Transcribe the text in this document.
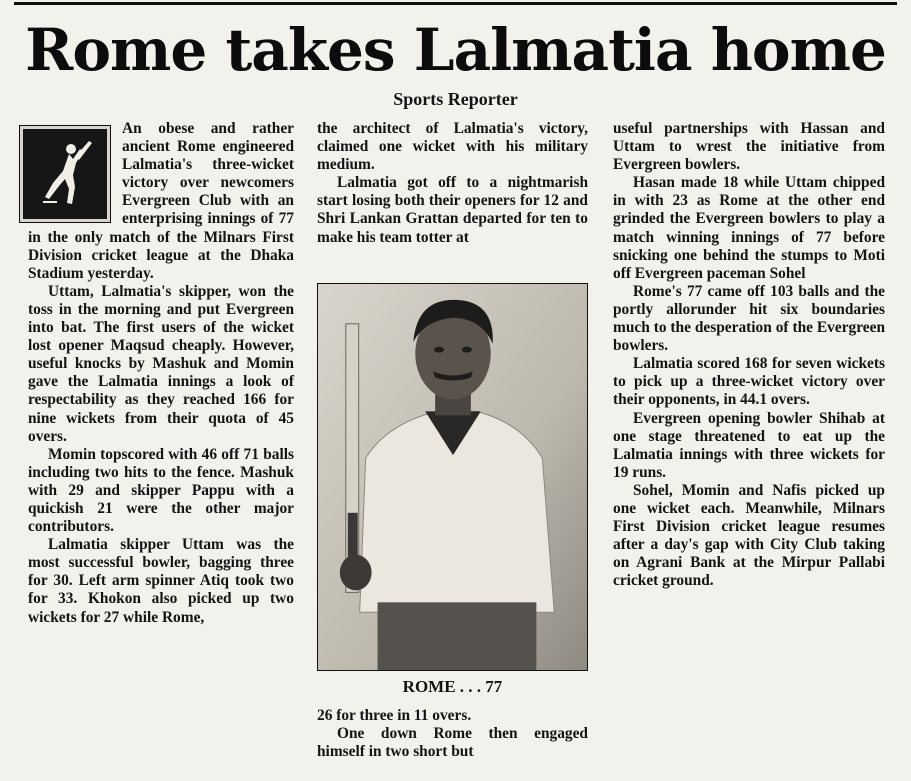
Rome takes Lalmatia home
Sports Reporter

An obese and rather ancient Rome engineered Lalmatia's three-wicket victory over newcomers Evergreen Club with an enterprising innings of 77 in the only match of the Milnars First Division cricket league at the Dhaka Stadium yesterday.

Uttam, Lalmatia's skipper, won the toss in the morning and put Evergreen into bat. The first users of the wicket lost opener Maqsud cheaply. However, useful knocks by Mashuk and Momin gave the Lalmatia innings a look of respectability as they reached 166 for nine wickets from their quota of 45 overs.

Momin topscored with 46 off 71 balls including two hits to the fence. Mashuk with 29 and skipper Pappu with a quickish 21 were the other major contributors.

Lalmatia skipper Uttam was the most successful bowler, bagging three for 30. Left arm spinner Atiq took two for 33. Khokon also picked up two wickets for 27 while Rome,

the architect of Lalmatia's victory, claimed one wicket with his military medium.

Lalmatia got off to a nightmarish start losing both their openers for 12 and Shri Lankan Grattan departed for ten to make his team totter at

ROME . . . 77

26 for three in 11 overs.

One down Rome then engaged himself in two short but

useful partnerships with Hassan and Uttam to wrest the initiative from Evergreen bowlers.

Hasan made 18 while Uttam chipped in with 23 as Rome at the other end grinded the Evergreen bowlers to play a match winning innings of 77 before snicking one behind the stumps to Moti off Evergreen paceman Sohel

Rome's 77 came off 103 balls and the portly allorunder hit six boundaries much to the desperation of the Evergreen bowlers.

Lalmatia scored 168 for seven wickets to pick up a three-wicket victory over their opponents, in 44.1 overs.

Evergreen opening bowler Shihab at one stage threatened to eat up the Lalmatia innings with three wickets for 19 runs.

Sohel, Momin and Nafis picked up one wicket each. Meanwhile, Milnars First Division cricket league resumes after a day's gap with City Club taking on Agrani Bank at the Mirpur Pallabi cricket ground.
